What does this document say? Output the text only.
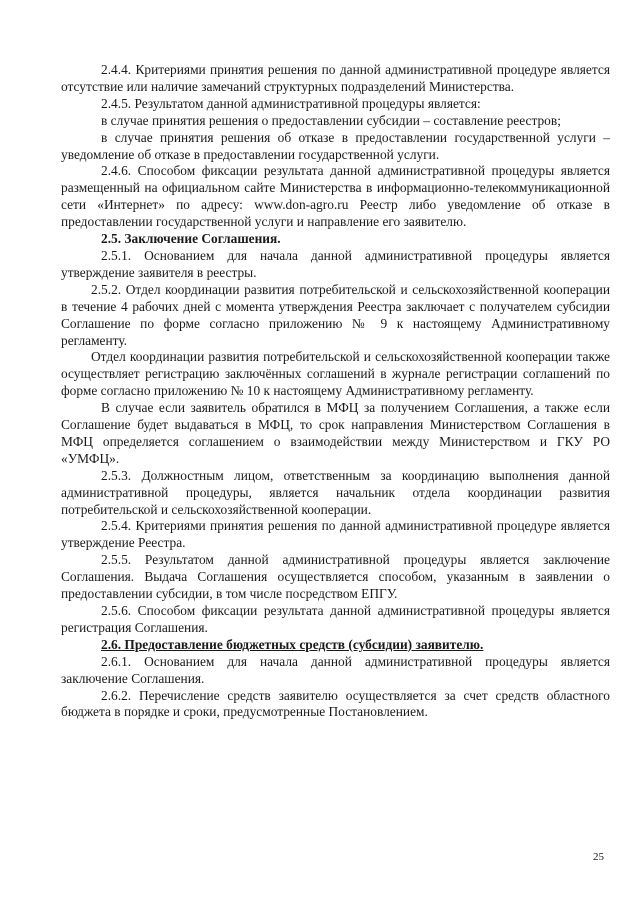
2.4.4. Критериями принятия решения по данной административной процедуре является отсутствие или наличие замечаний структурных подразделений Министерства.

2.4.5. Результатом данной административной процедуры является:

в случае принятия решения о предоставлении субсидии – составление реестров;

в случае принятия решения об отказе в предоставлении государственной услуги – уведомление об отказе в предоставлении государственной услуги.

2.4.6. Способом фиксации результата данной административной процедуры является размещенный на официальном сайте Министерства в информационно-телекоммуникационной сети «Интернет» по адресу: www.don-agro.ru Реестр либо уведомление об отказе в предоставлении государственной услуги и направление его заявителю.

2.5. Заключение Соглашения.

2.5.1. Основанием для начала данной административной процедуры является утверждение заявителя в реестры.

2.5.2. Отдел координации развития потребительской и сельскохозяйственной кооперации в течение 4 рабочих дней с момента утверждения Реестра заключает с получателем субсидии Соглашение по форме согласно приложению № 9 к настоящему Административному регламенту.

Отдел координации развития потребительской и сельскохозяйственной кооперации также осуществляет регистрацию заключённых соглашений в журнале регистрации соглашений по форме согласно приложению № 10 к настоящему Административному регламенту.

В случае если заявитель обратился в МФЦ за получением Соглашения, а также если Соглашение будет выдаваться в МФЦ, то срок направления Министерством Соглашения в МФЦ определяется соглашением о взаимодействии между Министерством и ГКУ РО «УМФЦ».

2.5.3. Должностным лицом, ответственным за координацию выполнения данной административной процедуры, является начальник отдела координации развития потребительской и сельскохозяйственной кооперации.

2.5.4. Критериями принятия решения по данной административной процедуре является утверждение Реестра.

2.5.5. Результатом данной административной процедуры является заключение Соглашения. Выдача Соглашения осуществляется способом, указанным в заявлении о предоставлении субсидии, в том числе посредством ЕПГУ.

2.5.6. Способом фиксации результата данной административной процедуры является регистрация Соглашения.

2.6. Предоставление бюджетных средств (субсидии) заявителю.

2.6.1. Основанием для начала данной административной процедуры является заключение Соглашения.

2.6.2. Перечисление средств заявителю осуществляется за счет средств областного бюджета в порядке и сроки, предусмотренные Постановлением.

25
